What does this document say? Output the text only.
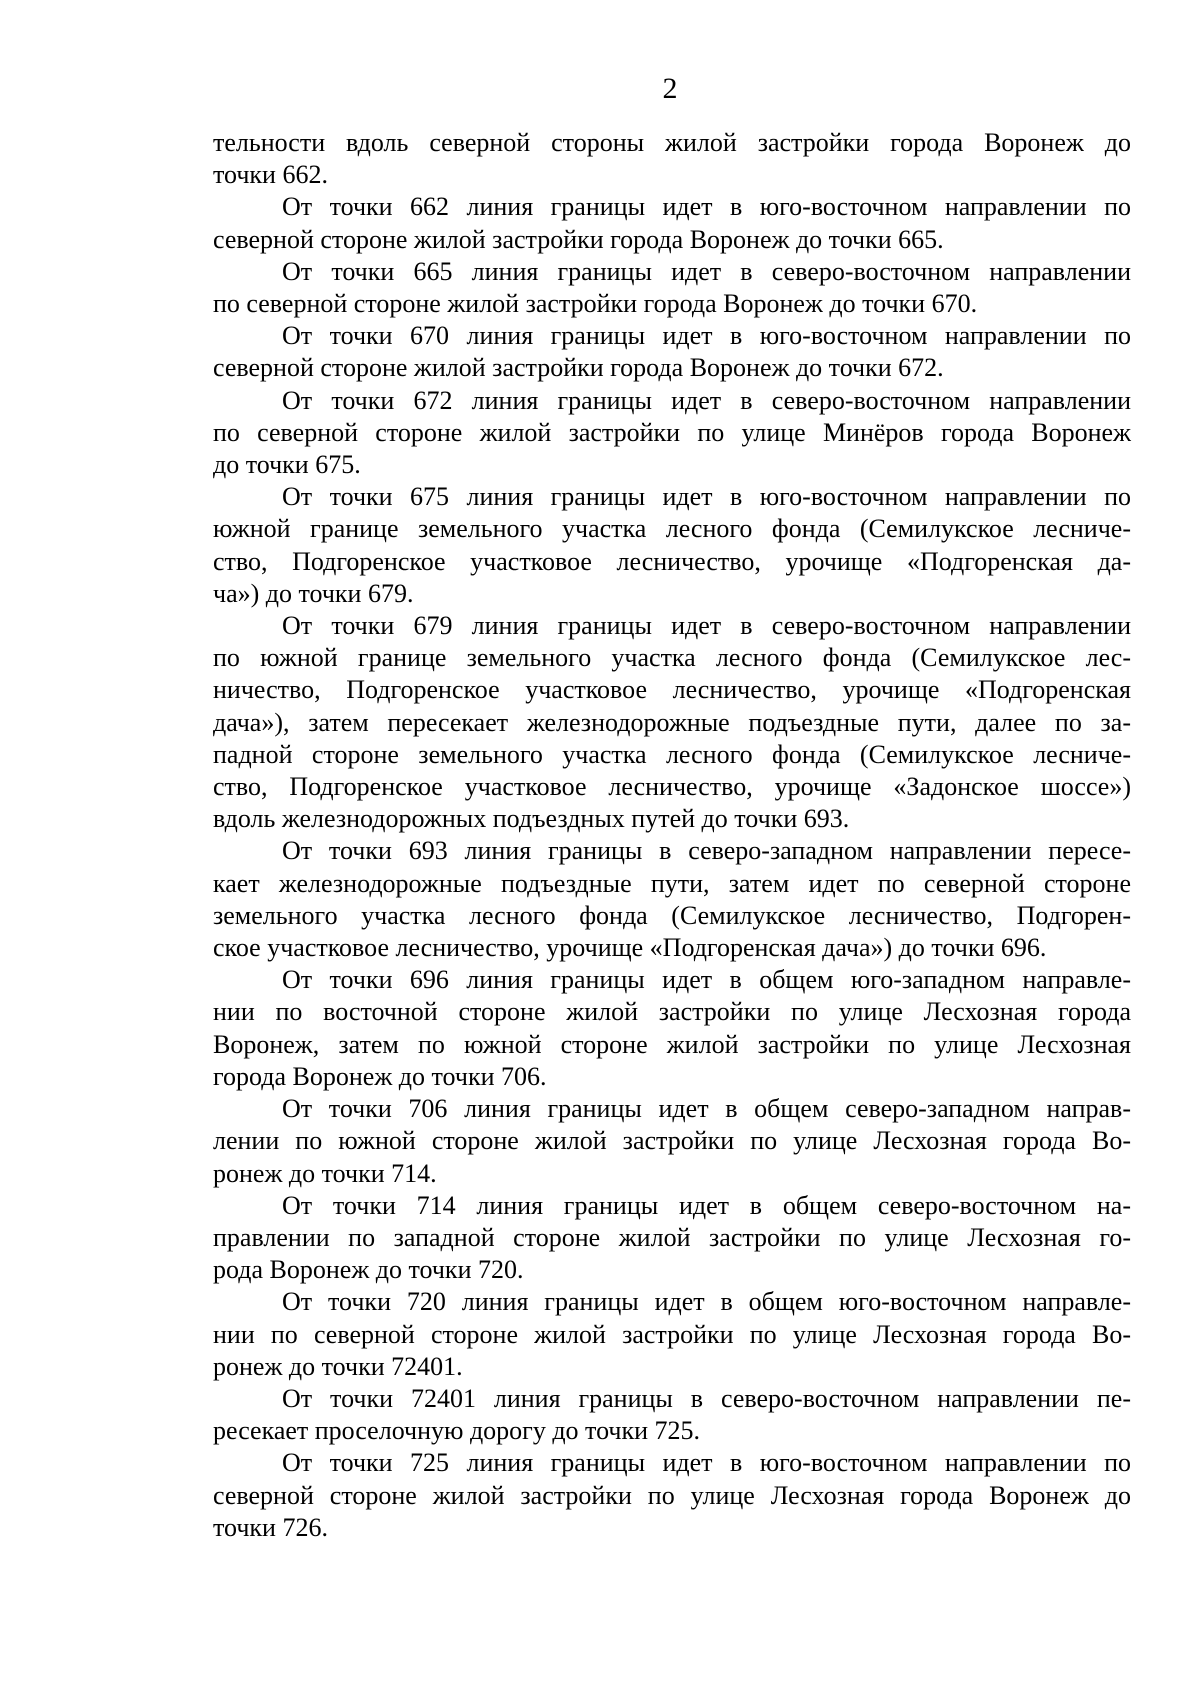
2
тельности вдоль северной стороны жилой застройки города Воронеж до
точки 662.
От точки 662 линия границы идет в юго-восточном направлении по
северной стороне жилой застройки города Воронеж до точки 665.
От точки 665 линия границы идет в северо-восточном направлении
по северной стороне жилой застройки города Воронеж до точки 670.
От точки 670 линия границы идет в юго-восточном направлении по
северной стороне жилой застройки города Воронеж до точки 672.
От точки 672 линия границы идет в северо-восточном направлении
по северной стороне жилой застройки по улице Минёров города Воронеж
до точки 675.
От точки 675 линия границы идет в юго-восточном направлении по
южной границе земельного участка лесного фонда (Семилукское лесниче-
ство, Подгоренское участковое лесничество, урочище «Подгоренская да-
ча») до точки 679.
От точки 679 линия границы идет в северо-восточном направлении
по южной границе земельного участка лесного фонда (Семилукское лес-
ничество, Подгоренское участковое лесничество, урочище «Подгоренская
дача»), затем пересекает железнодорожные подъездные пути, далее по за-
падной стороне земельного участка лесного фонда (Семилукское лесниче-
ство, Подгоренское участковое лесничество, урочище «Задонское шоссе»)
вдоль железнодорожных подъездных путей до точки 693.
От точки 693 линия границы в северо-западном направлении пересе-
кает железнодорожные подъездные пути, затем идет по северной стороне
земельного участка лесного фонда (Семилукское лесничество, Подгорен-
ское участковое лесничество, урочище «Подгоренская дача») до точки 696.
От точки 696 линия границы идет в общем юго-западном направле-
нии по восточной стороне жилой застройки по улице Лесхозная города
Воронеж, затем по южной стороне жилой застройки по улице Лесхозная
города Воронеж до точки 706.
От точки 706 линия границы идет в общем северо-западном направ-
лении по южной стороне жилой застройки по улице Лесхозная города Во-
ронеж до точки 714.
От точки 714 линия границы идет в общем северо-восточном на-
правлении по западной стороне жилой застройки по улице Лесхозная го-
рода Воронеж до точки 720.
От точки 720 линия границы идет в общем юго-восточном направле-
нии по северной стороне жилой застройки по улице Лесхозная города Во-
ронеж до точки 72401.
От точки 72401 линия границы в северо-восточном направлении пе-
ресекает проселочную дорогу до точки 725.
От точки 725 линия границы идет в юго-восточном направлении по
северной стороне жилой застройки по улице Лесхозная города Воронеж до
точки 726.
